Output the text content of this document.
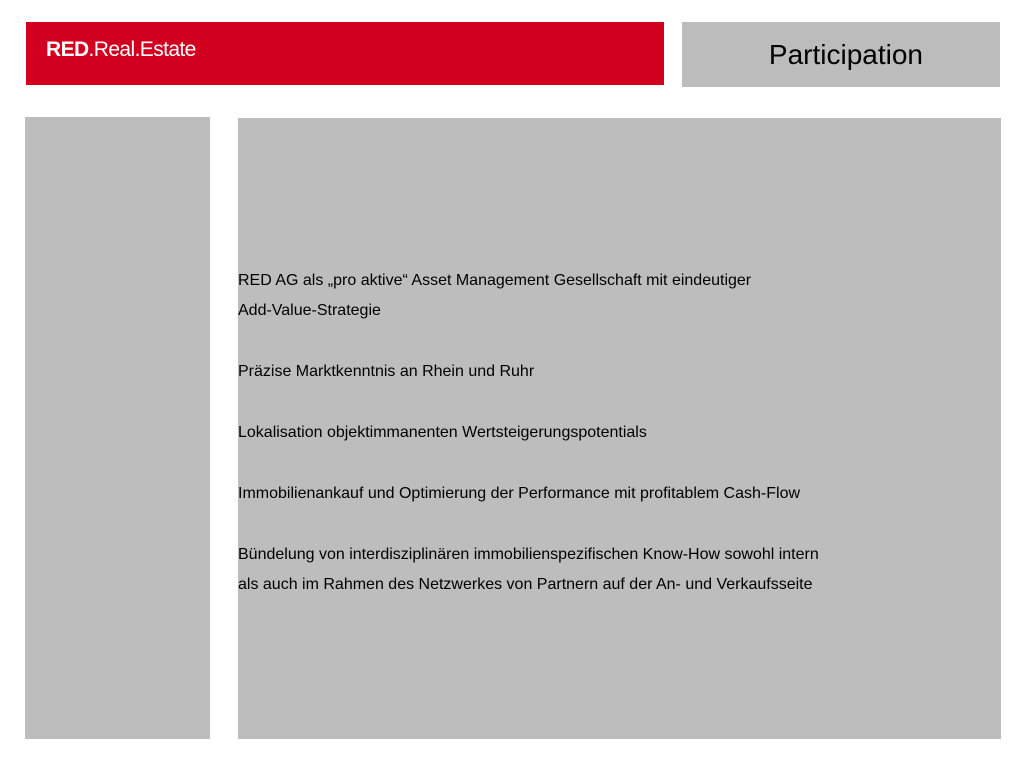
RED.Real.Estate	Participation
RED AG als „pro aktive“ Asset Management Gesellschaft mit eindeutiger
Add-Value-Strategie
Präzise Marktkenntnis an Rhein und Ruhr
Lokalisation objektimmanenten Wertsteigerungspotentials
Immobilienankauf und Optimierung der Performance mit profitablem Cash-Flow
Bündelung von interdisziplinären immobilienspezifischen Know-How sowohl intern
als auch im Rahmen des Netzwerkes von Partnern auf der An- und Verkaufsseite
